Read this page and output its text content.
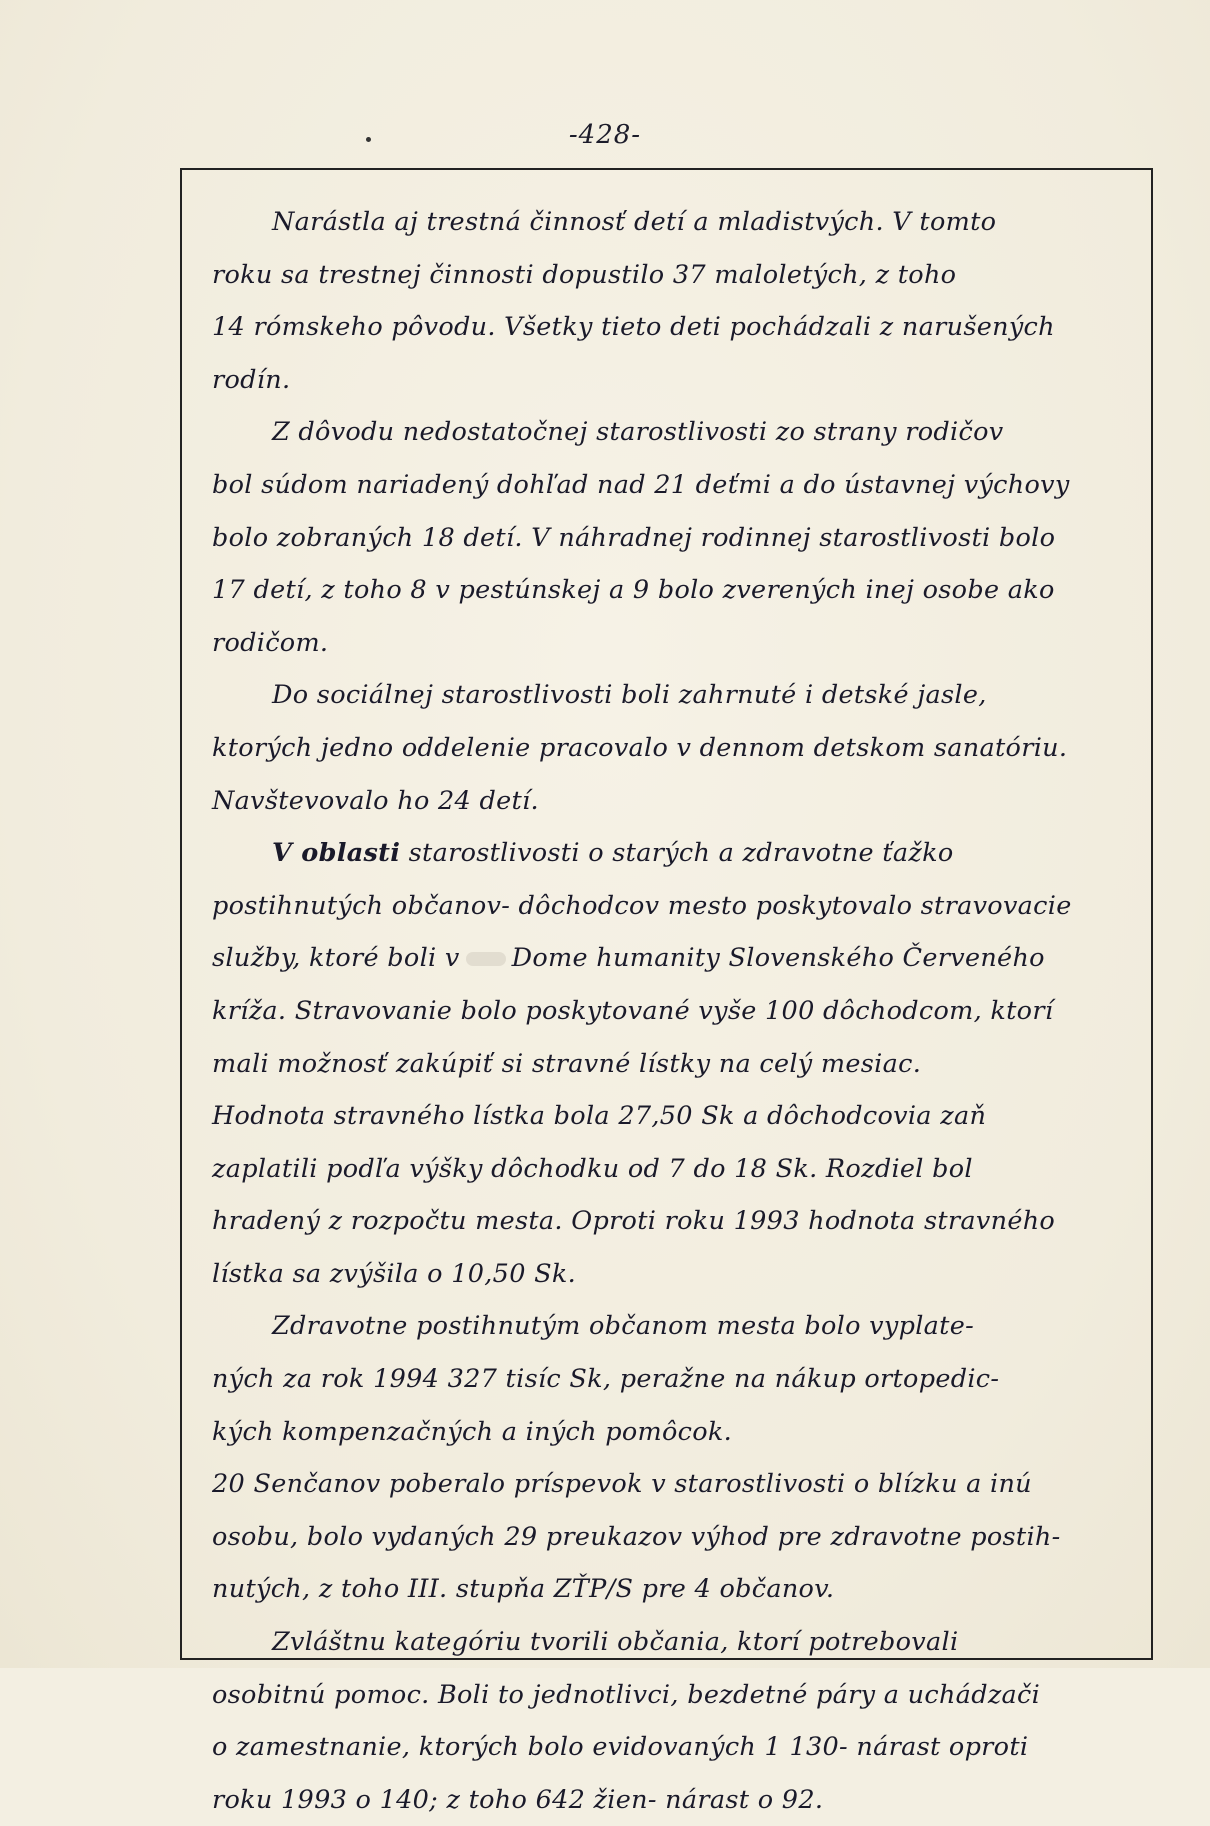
-428-
Narástla aj trestná činnosť detí a mladistvých. V tomto
roku sa trestnej činnosti dopustilo 37 maloletých, z toho
14 rómskeho pôvodu. Všetky tieto deti pochádzali z narušených
rodín.
Z dôvodu nedostatočnej starostlivosti zo strany rodičov
bol súdom nariadený dohľad nad 21 deťmi a do ústavnej výchovy
bolo zobraných 18 detí. V náhradnej rodinnej starostlivosti bolo
17 detí, z toho 8 v pestúnskej a 9 bolo zverených inej osobe ako
rodičom.
Do sociálnej starostlivosti boli zahrnuté i detské jasle,
ktorých jedno oddelenie pracovalo v dennom detskom sanatóriu.
Navštevovalo ho 24 detí.
V oblasti starostlivosti o starých a zdravotne ťažko
postihnutých občanov- dôchodcov mesto poskytovalo stravovacie
služby, ktoré boli v Dome humanity Slovenského Červeného
kríža. Stravovanie bolo poskytované vyše 100 dôchodcom, ktorí
mali možnosť zakúpiť si stravné lístky na celý mesiac.
Hodnota stravného lístka bola 27,50 Sk a dôchodcovia zaň
zaplatili podľa výšky dôchodku od 7 do 18 Sk. Rozdiel bol
hradený z rozpočtu mesta. Oproti roku 1993 hodnota stravného
lístka sa zvýšila o 10,50 Sk.
Zdravotne postihnutým občanom mesta bolo vyplate-
ných za rok 1994 327 tisíc Sk, peražne na nákup ortopedic-
kých kompenzačných a iných pomôcok.
20 Senčanov poberalo príspevok v starostlivosti o blízku a inú
osobu, bolo vydaných 29 preukazov výhod pre zdravotne postih-
nutých, z toho III. stupňa ZŤP/S pre 4 občanov.
Zvláštnu kategóriu tvorili občania, ktorí potrebovali
osobitnú pomoc. Boli to jednotlivci, bezdetné páry a uchádzači
o zamestnanie, ktorých bolo evidovaných 1 130- nárast oproti
roku 1993 o 140; z toho 642 žien- nárast o 92.
